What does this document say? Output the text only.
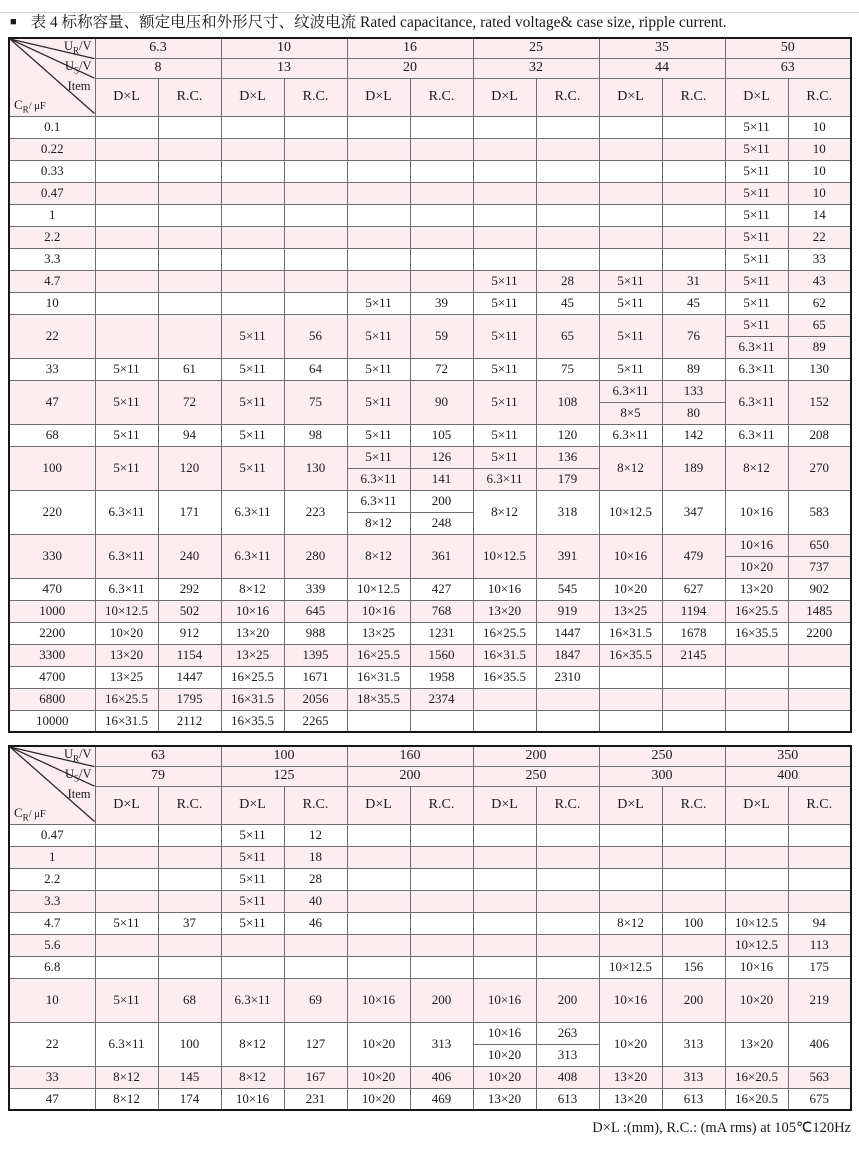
■ 表 4 标称容量、额定电压和外形尺寸、纹波电流 Rated capacitance, rated voltage& case size, ripple current.
$U_R/V$
$U_S/V$
Item
$C_R/$ μF	6.3		10		16		25		35		50	
	8		13		20		32		44		63	
	D×L	R.C.	D×L	R.C.	D×L	R.C.	D×L	R.C.	D×L	R.C.	D×L	R.C.
0.1											5×11	10
0.22											5×11	10
0.33											5×11	10
0.47											5×11	10
1											5×11	14
2.2											5×11	22
3.3											5×11	33
4.7							5×11	28	5×11	31	5×11	43
10					5×11	39	5×11	45	5×11	45	5×11	62
22			5×11	56	5×11	59	5×11	65	5×11	76	5×11	65
											6.3×11	89
33	5×11	61	5×11	64	5×11	72	5×11	75	5×11	89	6.3×11	130
47	5×11	72	5×11	75	5×11	90	5×11	108	6.3×11	133	6.3×11	152
									8×5	80		
68	5×11	94	5×11	98	5×11	105	5×11	120	6.3×11	142	6.3×11	208
100	5×11	120	5×11	130	5×11	126	5×11	136	8×12	189	8×12	270
					6.3×11	141	6.3×11	179				
220	6.3×11	171	6.3×11	223	6.3×11	200	8×12	318	10×12.5	347	10×16	583
					8×12	248						
330	6.3×11	240	6.3×11	280	8×12	361	10×12.5	391	10×16	479	10×16	650
											10×20	737
470	6.3×11	292	8×12	339	10×12.5	427	10×16	545	10×20	627	13×20	902
1000	10×12.5	502	10×16	645	10×16	768	13×20	919	13×25	1194	16×25.5	1485
2200	10×20	912	13×20	988	13×25	1231	16×25.5	1447	16×31.5	1678	16×35.5	2200
3300	13×20	1154	13×25	1395	16×25.5	1560	16×31.5	1847	16×35.5	2145		
4700	13×25	1447	16×25.5	1671	16×31.5	1958	16×35.5	2310				
6800	16×25.5	1795	16×31.5	2056	18×35.5	2374						
10000	16×31.5	2112	16×35.5	2265								
$U_R/V$
$U_S/V$
Item
$C_R/$ μF	63		100		160		200		250		350	
	79		125		200		250		300		400	
	D×L	R.C.	D×L	R.C.	D×L	R.C.	D×L	R.C.	D×L	R.C.	D×L	R.C.
0.47			5×11	12								
1			5×11	18								
2.2			5×11	28								
3.3			5×11	40								
4.7	5×11	37	5×11	46					8×12	100	10×12.5	94
5.6											10×12.5	113
6.8									10×12.5	156	10×16	175
10	5×11	68	6.3×11	69	10×16	200	10×16	200	10×16	200	10×20	219
22	6.3×11	100	8×12	127	10×20	313	10×16	263	10×20	313	13×20	406
							10×20	313				
33	8×12	145	8×12	167	10×20	406	10×20	408	13×20	313	16×20.5	563
47	8×12	174	10×16	231	10×20	469	13×20	613	13×20	613	16×20.5	675
D×L :(mm), R.C.: (mA rms) at 105℃120Hz
